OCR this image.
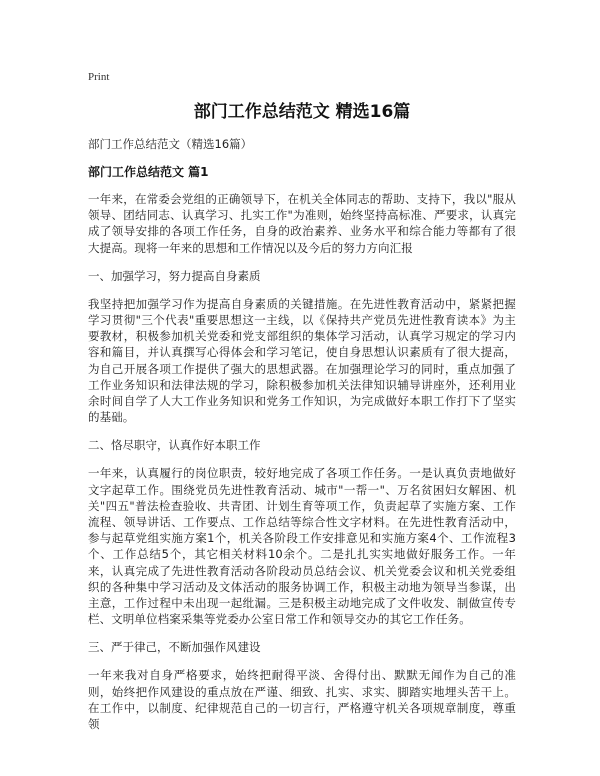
Print
部门工作总结范文 精选16篇
部门工作总结范文（精选16篇）
部门工作总结范文 篇1

一年来，在常委会党组的正确领导下，在机关全体同志的帮助、支持下，我以"服从领导、团结同志、认真学习、扎实工作"为准则，始终坚持高标准、严要求，认真完成了领导安排的各项工作任务，自身的政治素养、业务水平和综合能力等都有了很大提高。现将一年来的思想和工作情况以及今后的努力方向汇报

一、加强学习，努力提高自身素质

我坚持把加强学习作为提高自身素质的关键措施。在先进性教育活动中，紧紧把握学习贯彻"三个代表"重要思想这一主线，以《保持共产党员先进性教育读本》为主要教材，积极参加机关党委和党支部组织的集体学习活动，认真学习规定的学习内容和篇目，并认真撰写心得体会和学习笔记，使自身思想认识素质有了很大提高，为自己开展各项工作提供了强大的思想武器。在加强理论学习的同时，重点加强了工作业务知识和法律法规的学习，除积极参加机关法律知识辅导讲座外，还利用业余时间自学了人大工作业务知识和党务工作知识，为完成做好本职工作打下了坚实的基础。

二、恪尽职守，认真作好本职工作

一年来，认真履行的岗位职责，较好地完成了各项工作任务。一是认真负责地做好文字起草工作。围绕党员先进性教育活动、城市"一帮一"、万名贫困妇女解困、机关"四五"普法检查验收、共青团、计划生育等项工作，负责起草了实施方案、工作流程、领导讲话、工作要点、工作总结等综合性文字材料。在先进性教育活动中，参与起草党组实施方案1个，机关各阶段工作安排意见和实施方案4个、工作流程3个、工作总结5个，其它相关材料10余个。二是扎扎实实地做好服务工作。一年来，认真完成了先进性教育活动各阶段动员总结会议、机关党委会议和机关党委组织的各种集中学习活动及文体活动的服务协调工作，积极主动地为领导当参谋，出主意，工作过程中未出现一起纰漏。三是积极主动地完成了文件收发、制做宣传专栏、文明单位档案采集等党委办公室日常工作和领导交办的其它工作任务。

三、严于律己，不断加强作风建设

一年来我对自身严格要求，始终把耐得平淡、舍得付出、默默无闻作为自己的准则，始终把作风建设的重点放在严谨、细致、扎实、求实、脚踏实地埋头苦干上。在工作中，以制度、纪律规范自己的一切言行，严格遵守机关各项规章制度，尊重领
